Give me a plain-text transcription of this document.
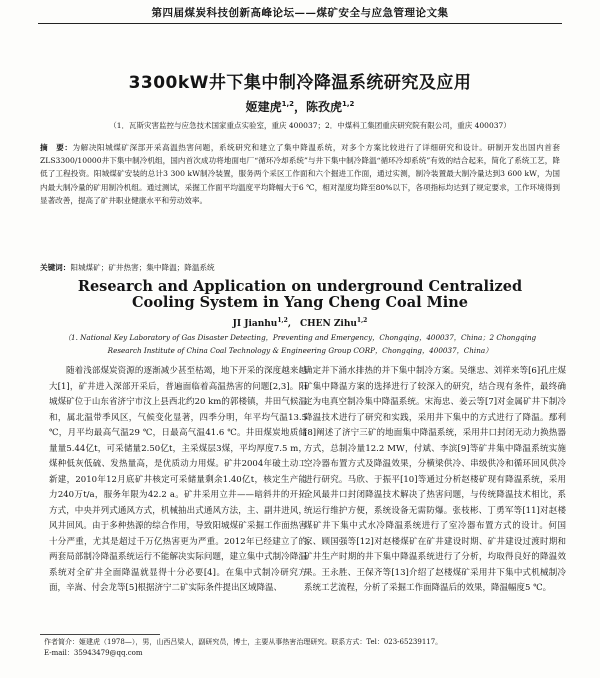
第四届煤炭科技创新高峰论坛——煤矿安全与应急管理论文集
3300kW井下集中制冷降温系统研究及应用
姬建虎$^{1,2}$，陈孜虎$^{1,2}$
（1．瓦斯灾害监控与应急技术国家重点实验室，重庆 400037；2．中煤科工集团重庆研究院有限公司，重庆 400037）
摘　要：为解决阳城煤矿深部开采高温热害问题，系统研究和建立了集中降温系统，对多个方案比较进行了详细研究和设计。研制开发出国内首套ZLS3300/10000井下集中制冷机组，国内首次成功将地面电厂“循环冷却系统”与井下集中制冷降温“循环冷却系统”有效的结合起来，简化了系统工艺，降低了工程投资。阳城煤矿安装的总计3 300 kW制冷装置，服务两个采区工作面和六个掘进工作面，通过实测，制冷装置最大制冷量达到3 600 kW，为国内最大制冷量的矿用制冷机组。通过测试，采掘工作面平均温度平均降幅大于6 ℃，相对湿度均降至80%以下，各项指标均达到了规定要求，工作环境得到显著改善，提高了矿井职业健康水平和劳动效率。
关键词：阳城煤矿；矿井热害；集中降温；降温系统
Research and Application on underground Centralized
Cooling System in Yang Cheng Coal Mine
JI Jianhu$^{1,2}$,　CHEN Zihu$^{1,2}$
（1. National Key Laboratory of Gas Disaster Detecting，Preventing and Emergency，Chongqing，400037，China；2 Chongqing
Research Institute of China Coal Technology & Engineering Group CORP，Chongqing，400037，China）

随着浅部煤炭资源的逐渐减少甚至枯竭，地下开采的深度越来越大[1]，矿井进入深部开采后，普遍面临着高温热害的问题[2,3]。阳城煤矿位于山东省济宁市汶上县西北约20 km的郭楼镇，井田气候温和，属北温带季风区，气候变化显著，四季分明，年平均气温13.5 ℃，月平均最高气温29 ℃，日最高气温41.6 ℃。井田煤炭地质储量量5.44亿t，可采储量2.50亿t，主采煤层3煤，平均厚度7.5 m，煤种低灰低硫、发热量高，是优质动力用煤。矿井2004年破土动工新建，2010年12月底矿井核定可采储量剩余1.40亿t，核定生产能力240万t/a，服务年限为42.2 a。矿井采用立井——暗斜井的开拓方式，中央并列式通风方式，机械抽出式通风方法，主、副井进风，风井回风。由于多种热源的综合作用，导致阳城煤矿采掘工作面热害十分严重，尤其是超过千万亿热害更为严重。2012年已经建立了的两套局部制冷降温系统运行不能解决实际问题，建立集中式制冷降温系统对全矿井全面降温就显得十分必要[4]。在集中式制冷研究方面，辛嵩、付会龙等[5]根据济宁二矿实际条件提出区域降温、

确定并下涌水排热的并下集中制冷方案。吴继忠、刘祥来等[6]孔庄煤矿集中降温方案的选择进行了较深入的研究，结合现有条件，最终确定为电真空制冷集中降温系统。宋海忠、姜云等[7]对金属矿井下制冷降温技术进行了研究和实践，采用井下集中的方式进行了降温。鄢利[8]阐述了济宁三矿的地面集中降温系统，采用井口封闭无动力换热器方式，总制冷量12.2 MW，付斌、李滨[9]等矿井集中降温系统实施空冷器布置方式及降温效果，分横梁供冷、串级供冷和循环回风供冷进行研究。马欣、于振平[10]等通过分析赵楼矿现有降温系统，采用全风最井口封闭降温技术解决了热害问题，与传统降温技术相比，系统运行维护方便，系统设备无需防爆。张枝彬、丁勇军等[11]对赵楼煤矿井下集中式水冷降温系统进行了室冷器布置方式的设计。何国家、顾国强等[12]对赵楼煤矿在矿井建设时期、矿井建设过渡时期和矿井生产时期的井下集中降温系统进行了分析，均取得良好的降温效果。王永胜、王保齐等[13]介绍了赵楼煤矿采用井下集中式机械制冷系统工艺流程，分析了采掘工作面降温后的效果，降温幅度5 ℃。

作者简介：姬建虎（1978—），男，山西吕梁人，副研究员，博士，主要从事热害治理研究。联系方式：Tel：023-65239117。
E-mail：35943479@qq.com
